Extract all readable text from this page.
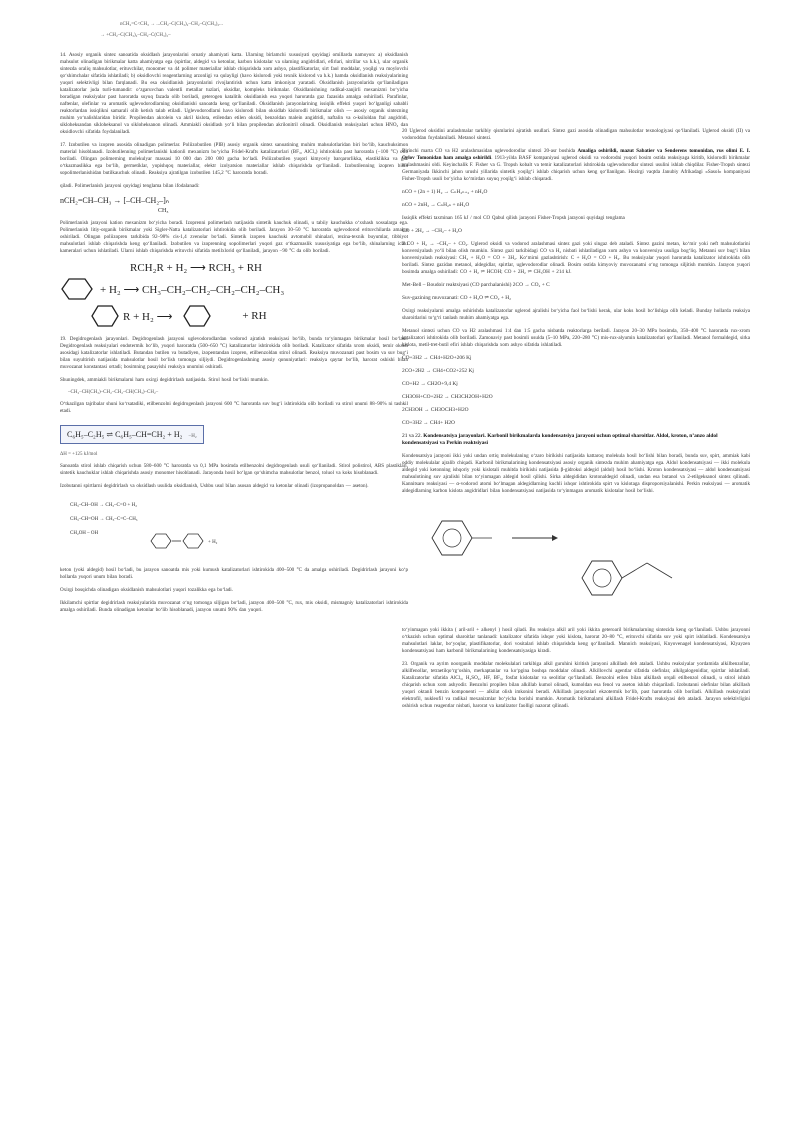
nCH₂=C<CH₃ → ...CH₂–C(CH₃)₂–CH₂–C(CH₃)₂...
→ +CH₂–C(CH₃)₂–CH₂–C(CH₃)₂–

14. Asosiy organik sintez sanoatida oksidlash jarayonlarini ornatiy ahamiyati katta. Ularning birlamchi xususiyati quyidagi omillarda namoyon: a) oksidlanish mahsulot olinadigan birikmalar katta ahamiyatga ega (spirtlar, aldegid va ketonlar, karbon kislotalar va ularning angidridlari, efirlari, nitrillar va h.k.), ular organik sintezda oraliq mahsulotlar, erituvchilar, monomer va 44 polimer materiallar ishlab chiqarishda xom ashyo, plastifikatorlar, sirt faol moddalar, yoqilgi va moylovchi qo‘shimchalar sifatida ishlatiladi; b) oksidlovchi reagentlarning arzonligi va qulayligi (havo kislorodi yoki texnik kislorod va h.k.) hamda oksidlanish reaksiyalarining yuqori selektivligi bilan farqlanadi. Bu esa oksidlanish jarayonlarini rivojlantirish uchun katta imkoniyat yaratadi. Oksidlanish jarayonlarida qo‘llaniladigan katalizatorlar juda turli-tumandir: o‘zgaruvchan valentli metallar tuzlari, oksidlar, kompleks birikmalar. Oksidlanishning radikal-zanjirli mexanizmi bo‘yicha boradigan reaksiyalar past haroratda suyuq fazada olib boriladi, geterogen katalitik oksidlanish esa yuqori haroratda gaz fazasida amalga oshiriladi. Parafinlar, naftenlar, olefinlar va aromatik uglevodorodlarning oksidlanishi sanoatda keng qo‘llaniladi. Oksidlanish jarayonlarining issiqlik effekti yuqori bo‘lganligi sababli reaktorlardan issiqlikni samarali olib ketish talab etiladi. Uglevodorodlarni havo kislorodi bilan oksidlab kislorodli birikmalar olish — asosiy organik sintezning muhim yo‘nalishlaridan biridir. Propilendan akrolein va akril kislota, etilendan etilen oksidi, benzoldan malein angidridi, naftalin va o-ksiloldan ftal angidridi, sikloheksandan sikloheksanol va sikloheksanon olinadi. Ammiakli oksidlash yo‘li bilan propilendan akrilonitril olinadi. Oksidlanish reaksiyalari uchun HNO₃ dan oksidlovchi sifatida foydalaniladi.

17. Izobutilen va izopren asosida olinadigan polimerlar. Poliizobutilen (PIB) asosiy organik sintez sanoatining muhim mahsulotlaridan biri bo‘lib, kauchuksimon material hisoblanadi. Izobutilenning polimerlanishi kationli mexanizm bo‘yicha Fridel-Krafts katalizatorlari (BF₃, AlCl₃) ishtirokida past haroratda (−100 °C) olib boriladi. Olingan polimerning molekulyar massasi 10 000 dan 200 000 gacha bo‘ladi. Poliizobutilen yuqori kimyoviy barqarorlikka, elastiklikka va gaz o‘tkazmaslikka ega bo‘lib, germetiklar, yopishqoq materiallar, elektr izolyatsion materiallar ishlab chiqarishda qo‘llaniladi. Izobutilenning izopren bilan sopolimerlanishidan butilkauchuk olinadi. Reaksiya ajratilgan izobutilen 145,2 °C haroratda boradi.

qiladi. Polimerlanish jarayoni quyidagi tenglama bilan ifodalanadi:

nCH₂=CH–CH₃ → [–CH–CH₂–]ₙ
CH₃

Polimerlanish jarayoni kation mexanizm bo‘yicha boradi. Izoprenni polimerlash natijasida sintetik kauchuk olinadi, u tabiiy kauchukka o‘xshash xossalarga ega. Polimerlanish litiy-organik birikmalar yoki Sigler-Natta katalizatorlari ishtirokida olib boriladi. Jarayon 30–50 °C haroratda uglevodorod erituvchilarda amalga oshiriladi. Olingan poliizopren tarkibida 92–98% cis-1,4 zvenolar bo‘ladi. Sintetik izopren kauchuki avtomobil shinalari, rezina-texnik buyumlar, tibbiyot mahsulotlari ishlab chiqarishda keng qo‘llaniladi. Izobutilen va izoprenning sopolimerlari yuqori gaz o‘tkazmaslik xususiyatiga ega bo‘lib, shinalarning ichki kameralari uchun ishlatiladi. Ularni ishlab chiqarishda erituvchi sifatida metilxlorid qo‘llaniladi, jarayon −90 °C da olib boriladi.

RCH₂R + H₂ ⟶ RCH₃ + RH
+ H₂ ⟶ CH₃–CH₂–CH₂–CH₂–CH₂–CH₃
R + H₂ ⟶	+ RH

19. Degidrogenlash jarayonlari. Degidrogenlash jarayoni uglevodorodlardan vodorod ajratish reaksiyasi bo‘lib, bunda to‘yinmagan birikmalar hosil bo‘ladi. Degidrogenlash reaksiyalari endotermik bo‘lib, yuqori haroratda (500–650 °C) katalizatorlar ishtirokida olib boriladi. Katalizator sifatida xrom oksidi, temir oksidi asosidagi katalizatorlar ishlatiladi. Butandan butilen va butadiyen, izopentandan izopren, etilbenzoldan stirol olinadi. Reaksiya muvozanati past bosim va suv bug‘i bilan suyultirish natijasida mahsulotlar hosil bo‘lish tomonga siljiydi. Degidrogenlashning asosiy qonuniyatlari: reaksiya qaytar bo‘lib, harorat oshishi bilan muvozanat konstantasi ortadi; bosimning pasayishi reaksiya unumini oshiradi.

Shuningdek, ammiakli birikmalarni ham oxirgi degidrirlash natijasida. Stirol hosil bo‘lishi mumkin.

–CH₂–CH(CH₃)–CH₂–CH₂–CH(CH₃)–CH₂–

O‘tkazilgan tajribalar shuni ko‘rsatadiki, etilbenzolni degidrogenlash jarayoni 600 °C haroratda suv bug‘i ishtirokida olib boriladi va stirol unumi 88–90% ni tashkil etadi.

C₆H₅–C₂H₅ ⇌ C₆H₅–CH=CH₂ + H₂ −H₂
ΔH = +125 kJ/mol

Sanoatda stirol ishlab chiqarish uchun 580–600 °C haroratda va 0,1 MPa bosimda etilbenzolni degidrogenlash usuli qo‘llaniladi. Stirol polistirol, ABS plastiklari, sintetik kauchuklar ishlab chiqarishda asosiy monomer hisoblanadi. Jarayonda hosil bo‘lgan qo‘shimcha mahsulotlar benzol, toluol va koks hisoblanadi.

Izobutanni spirtlarni degidrirlash va oksidlash usulida oksidlanish, Ushbu usul bilan asosan aldegid va ketonlar olinadi (izopropanoldan — aseton).

CH₃–CH–OH → CH₃–C=O + H₂
CH₃–CH=OH → CH₃–C=C–CH₃
CH₂OH – OH
+ H₂

keton (yoki aldegid) hosil bo‘ladi, bu jarayon sanoatda mis yoki kumush katalizatorlari ishtirokida 400–500 °C da amalga oshiriladi. Degidrirlash jarayoni ko‘p hollarda yuqori unum bilan boradi.

Oxirgi bosqichda olinadigan oksidlanish mahsulotlari yuqori tozalikka ega bo‘ladi.

Ikkilamchi spirtlar degidrirlash reaksiyalarida muvozanat o‘ng tomonga siljigan bo‘ladi, jarayon 400–500 °C, rux, mis oksidi, mismagniy katalizatorlari ishtirokida amalga oshiriladi. Bunda olinadigan ketonlar bo‘lib hisoblanadi, jarayon unumi 90% dan yuqori.

20 Uglerod oksidini aralashmalar tarkibiy qismlarini ajratish usullari. Sintez gazi asosida olinadigan mahsulotlar texnologiyasi qo‘llaniladi. Uglerod oksidi (II) va vodoroddan foydalaniladi. Metanol sintezi.

Birinchi marta CO va H2 aralashmasidan uglevodorodlar sintezi 20-asr boshida Amaliga oshirildi, mazut Sabatier va Senderens tomonidan, rus olimi E. I. Orlov Tomonidan ham amalga oshirildi. 1913-yilda BASF kompaniyasi uglerod oksidi va vodorodni yuqori bosim ostida reaksiyaga kiritib, kislorodli birikmalar aralashmasini oldi. Keyinchalik F. Fisher va G. Tropsh kobalt va temir katalizatorlari ishtirokida uglevodorodlar sintezi usulini ishlab chiqdilar. Fisher-Tropsh sintezi Germaniyada Ikkinchi jahon urushi yillarida sintetik yoqilg‘i ishlab chiqarish uchun keng qo‘llanilgan. Hozirgi vaqtda Janubiy Afrikadagi «Sasol» kompaniyasi Fisher-Tropsh usuli bo‘yicha ko‘mirdan suyuq yoqilg‘i ishlab chiqaradi.

nCO + (2n + 1) H₂ → CₙH₂ₙ₊₂ + nH₂O

nCO + 2nH₂ → CₙH₂ₙ + nH₂O

Issiqlik effekti taxminan 165 kJ / mol CO Qabul qilish jarayoni Fisher-Tropsh jarayoni quyidagi tenglama

CO + 2H₂ → –CH₂– + H₂O

2 CO + H₂ → –CH₂– + CO₂. Uglerod oksidi va vodorod aralashmasi sintez gazi yoki singaz deb ataladi. Sintez gazini metan, ko‘mir yoki neft mahsulotlarini konversiyalash yo‘li bilan olish mumkin. Sintez gazi tarkibidagi CO va H₂ nisbati ishlatiladigan xom ashyo va konversiya usuliga bog‘liq. Metanni suv bug‘i bilan konversiyalash reaksiyasi: CH₄ + H₂O = CO + 3H₂. Ko‘mirni gazlashtirish: C + H₂O = CO + H₂. Bu reaksiyalar yuqori haroratda katalizator ishtirokida olib boriladi. Sintez gazidan metanol, aldegidlar, spirtlar, uglevodorodlar olinadi. Bosim ostida kimyoviy muvozanatni o‘ng tomonga siljitish mumkin. Jarayon yuqori bosimda amalga oshiriladi: CO + H₂ ⇌ HCOH; CO + 2H₂ ⇌ CH₃OH + 214 kJ.

Met-Bell – Boudoir reaktsiyasi (CO parchalanishi) 2CO → CO₂ + C

Suv-gazining muvozanati: CO + H₂O ⇌ CO₂ + H₂

Oxirgi reaksiyalarni amalga oshirishda katalizatorlar uglerod ajralishi bo‘yicha faol bo‘lishi kerak, ular koks hosil bo‘lishiga olib keladi. Bunday hollarda reaksiya sharoitlarini to‘g‘ri tanlash muhim ahamiyatga ega.

Metanol sintezi uchun CO va H2 aralashmasi 1:4 dan 1:5 gacha nisbatda reaktorlarga beriladi. Jarayon 20–30 MPa bosimda, 350–400 °C haroratda rux-xrom katalizatori ishtirokida olib boriladi. Zamonaviy past bosimli usulda (5–10 MPa, 220–280 °C) mis-rux-alyumin katalizatorlari qo‘llaniladi. Metanol formaldegid, sirka kislota, metil-tret-butil efiri ishlab chiqarishda xom ashyo sifatida ishlatiladi.

CO+3H2 → CH4+H2O+206 Kj

2CO+2H2 → CH4+CO2+252 Kj

CO+H2 → CH2O+9,4 Kj

CH3OH+CO+2H2 → CH3CH2OH+H2O

2CH3OH → CH3OCH3+H2O

CO+3H2 → CH4+ H2O

21 va 22. Kondensatsiya jarayonlari. Karbonil birikmalarda kondensatsiya jarayoni uchun optimal sharoitlar. Aldol, kroton, n’anzo aldol kondensatsiyasi va Perkin reaktsiyasi

Kondensatsiya jarayoni ikki yoki undan ortiq molekulaning o‘zaro birikishi natijasida kattaroq molekula hosil bo‘lishi bilan boradi, bunda suv, spirt, ammiak kabi oddiy molekulalar ajralib chiqadi. Karbonil birikmalarining kondensatsiyasi asosiy organik sintezda muhim ahamiyatga ega. Aldol kondensatsiyasi — ikki molekula aldegid yoki ketonning ishqoriy yoki kislotali muhitda birikishi natijasida β-gidroksi aldegid (aldol) hosil bo‘lishi. Kroton kondensatsiyasi — aldol kondensatsiyasi mahsulotining suv ajralishi bilan to‘yinmagan aldegid hosil qilishi. Sirka aldegididan krotonaldegid olinadi, undan esa butanol va 2-etilgeksanol sintez qilinadi. Kannitsaro reaksiyasi — α-vodorod atomi bo‘lmagan aldegidlarning kuchli ishqor ishtirokida spirt va kislotaga disproporsiyalanishi. Perkin reaksiyasi — aromatik aldegidlarning karbon kislota angidridlari bilan kondensatsiyasi natijasida to‘yinmagan aromatik kislotalar hosil bo‘lishi.

to‘yinmagan yoki ikkita ( aril-aril + alkenyl ) hosil qiladi. Bu reaksiya alkil aril yoki ikkita geteroaril birikmalarning sintezida keng qo‘llaniladi. Ushbu jarayonni o‘tkazish uchun optimal sharoitlar tanlanadi: katalizator sifatida ishqor yoki kislota, harorat 20–80 °C, erituvchi sifatida suv yoki spirt ishlatiladi. Kondensatsiya mahsulotlari laklar, bo‘yoqlar, plastifikatorlar, dori vositalari ishlab chiqarishda keng qo‘llaniladi. Mannich reaksiyasi, Knyovenagel kondensatsiyasi, Klyayzen kondensatsiyasi ham karbonil birikmalarining kondensatsiyasiga kiradi.

23. Organik va ayrim noorganik moddalar molekulalari tarkibiga alkil guruhini kiritish jarayoni alkillash deb ataladi. Ushbu reaksiyalar yordamida alkilbenzollar, alkilfenollar, tetraetilqo‘rg‘oshin, merkaptanlar va ko‘pgina boshqa moddalar olinadi. Alkillovchi agentlar sifatida olefinlar, alkilgalogenidlar, spirtlar ishlatiladi. Katalizatorlar sifatida AlCl₃, H₂SO₄, HF, BF₃, fosfat kislotalar va seolitlar qo‘llaniladi. Benzolni etilen bilan alkillash orqali etilbenzol olinadi, u stirol ishlab chiqarish uchun xom ashyodir. Benzolni propilen bilan alkillab kumol olinadi, kumoldan esa fenol va aseton ishlab chiqariladi. Izobutanni olefinlar bilan alkillash yuqori oktanli benzin komponenti — alkilat olish imkonini beradi. Alkillash jarayonlari ekzotermik bo‘lib, past haroratda olib boriladi. Alkillash reaksiyalari elektrofil, nukleofil va radikal mexanizmlar bo‘yicha borishi mumkin. Aromatik birikmalarni alkillash Fridel-Krafts reaksiyasi deb ataladi. Jarayon selektivligini oshirish uchun reagentlar nisbati, harorat va katalizator faolligi nazorat qilinadi.
